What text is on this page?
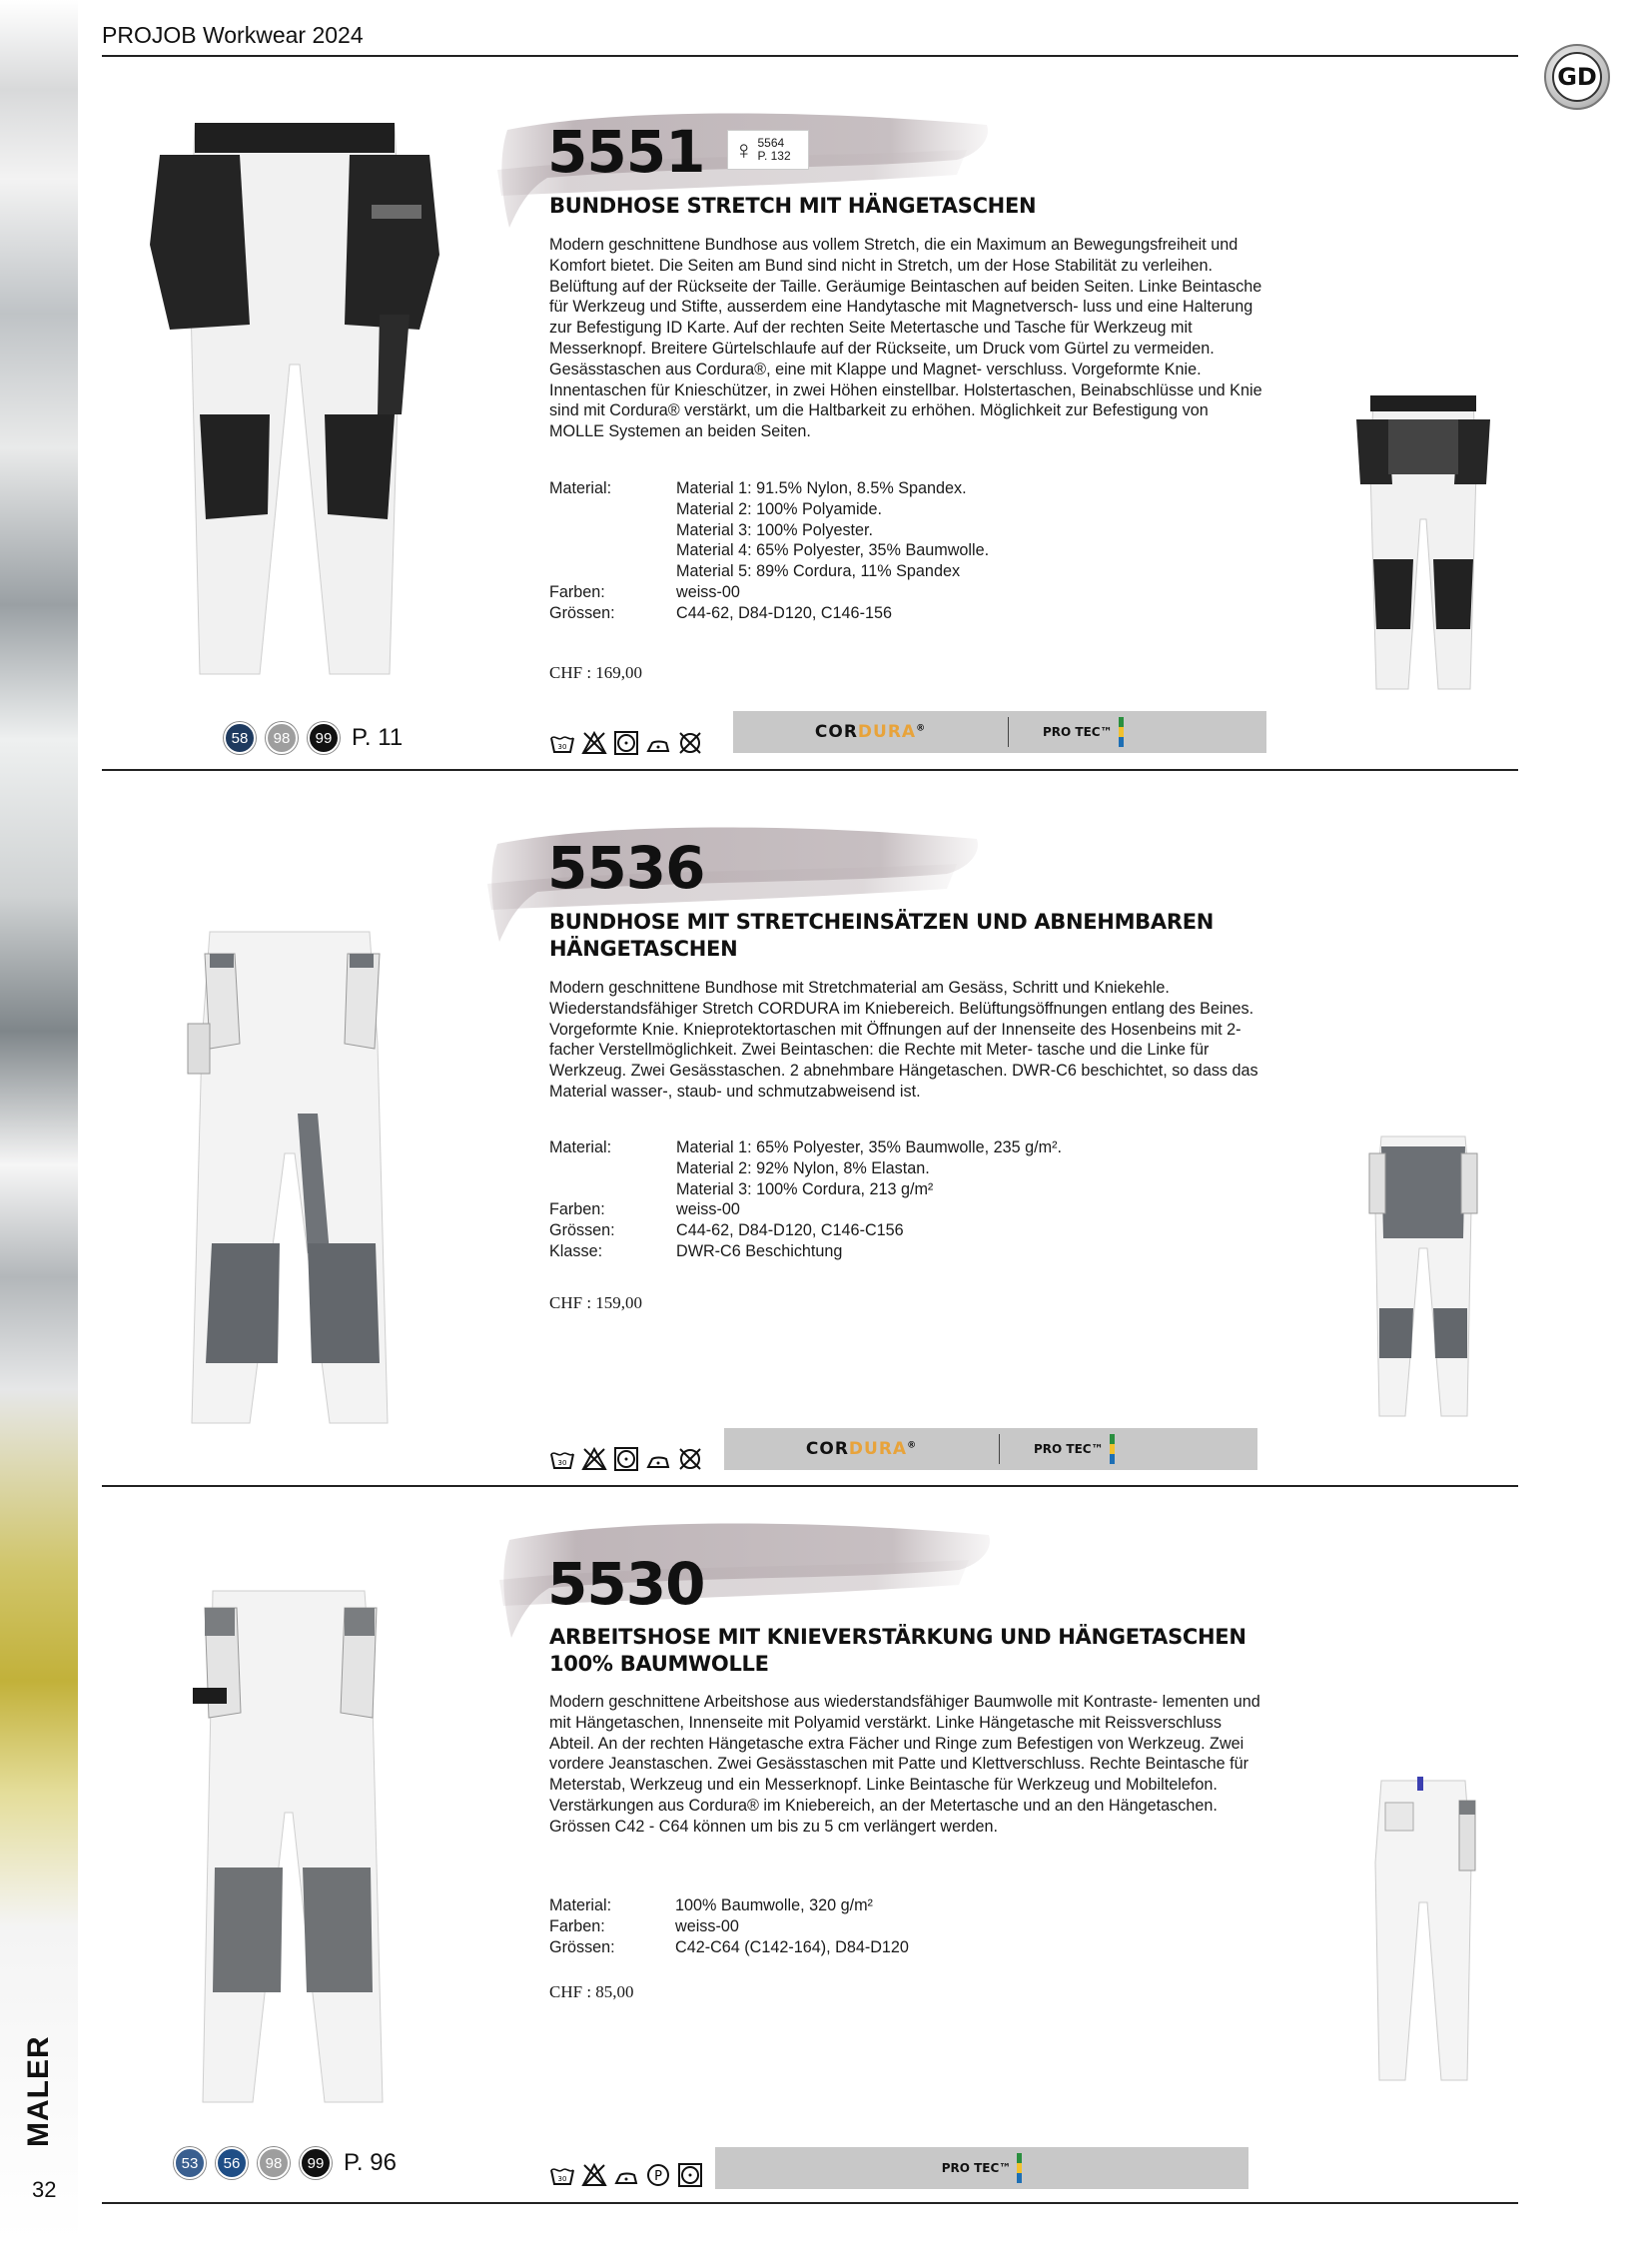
MALER
32
PROJOB Workwear 2024
GD
5551 ♀ 5564
P. 132
BUNDHOSE STRETCH MIT HÄNGETASCHEN
Modern geschnittene Bundhose aus vollem Stretch, die ein Maximum an Bewegungsfreiheit und Komfort bietet. Die Seiten am Bund sind nicht in Stretch, um der Hose Stabilität zu verleihen. Belüftung auf der Rückseite der Taille. Geräumige Beintaschen auf beiden Seiten. Linke Beintasche für Werkzeug und Stifte, ausserdem eine Handytasche mit Magnetversch- luss und eine Halterung zur Befestigung ID Karte. Auf der rechten Seite Metertasche und Tasche für Werkzeug mit Messerknopf. Breitere Gürtelschlaufe auf der Rückseite, um Druck vom Gürtel zu vermeiden. Gesässtaschen aus Cordura®, eine mit Klappe und Magnet- verschluss. Vorgeformte Knie. Innentaschen für Knieschützer, in zwei Höhen einstellbar. Holstertaschen, Beinabschlüsse und Knie sind mit Cordura® verstärkt, um die Haltbarkeit zu erhöhen. Möglichkeit zur Befestigung von MOLLE Systemen an beiden Seiten.
Material:	Material 1: 91.5% Nylon, 8.5% Spandex.
Material 2: 100% Polyamide.
Material 3: 100% Polyester.
Material 4: 65% Polyester, 35% Baumwolle.
Material 5: 89% Cordura, 11% Spandex
Farben:	weiss-00
Grössen:	C44-62, D84-D120, C146-156
CHF : 169,00
58	98	99 P. 11	30
CORDURA®	PRO TEC™
5536
BUNDHOSE MIT STRETCHEINSÄTZEN UND ABNEHMBAREN HÄNGETASCHEN
Modern geschnittene Bundhose mit Stretchmaterial am Gesäss, Schritt und Kniekehle. Wiederstandsfähiger Stretch CORDURA im Kniebereich. Belüftungsöffnungen entlang des Beines. Vorgeformte Knie. Knieprotektortaschen mit Öffnungen auf der Innenseite des Hosenbeins mit 2-facher Verstellmöglichkeit. Zwei Beintaschen: die Rechte mit Meter- tasche und die Linke für Werkzeug. Zwei Gesässtaschen. 2 abnehmbare Hängetaschen. DWR-C6 beschichtet, so dass das Material wasser-, staub- und schmutzabweisend ist.
Material:	Material 1: 65% Polyester, 35% Baumwolle, 235 g/m².
Material 2: 92% Nylon, 8% Elastan.
Material 3: 100% Cordura, 213 g/m²
Farben:	weiss-00
Grössen:	C44-62, D84-D120, C146-C156
Klasse:	DWR-C6 Beschichtung
CHF : 159,00
30
CORDURA®	PRO TEC™
5530
ARBEITSHOSE MIT KNIEVERSTÄRKUNG UND HÄNGETASCHEN 100% BAUMWOLLE
Modern geschnittene Arbeitshose aus wiederstandsfähiger Baumwolle mit Kontraste- lementen und mit Hängetaschen, Innenseite mit Polyamid verstärkt. Linke Hängetasche mit Reissverschluss Abteil. An der rechten Hängetasche extra Fächer und Ringe zum Befestigen von Werkzeug. Zwei vordere Jeanstaschen. Zwei Gesässtaschen mit Patte und Klettverschluss. Rechte Beintasche für Meterstab, Werkzeug und ein Messerknopf. Linke Beintasche für Werkzeug und Mobiltelefon. Verstärkungen aus Cordura® im Kniebereich, an der Metertasche und an den Hängetaschen. Grössen C42 - C64 können um bis zu 5 cm verlängert werden.
Material:	100% Baumwolle, 320 g/m²
Farben:	weiss-00
Grössen:	C42-C64 (C142-164), D84-D120
CHF : 85,00
53	56	98	99 P. 96
30	P
PRO TEC™
